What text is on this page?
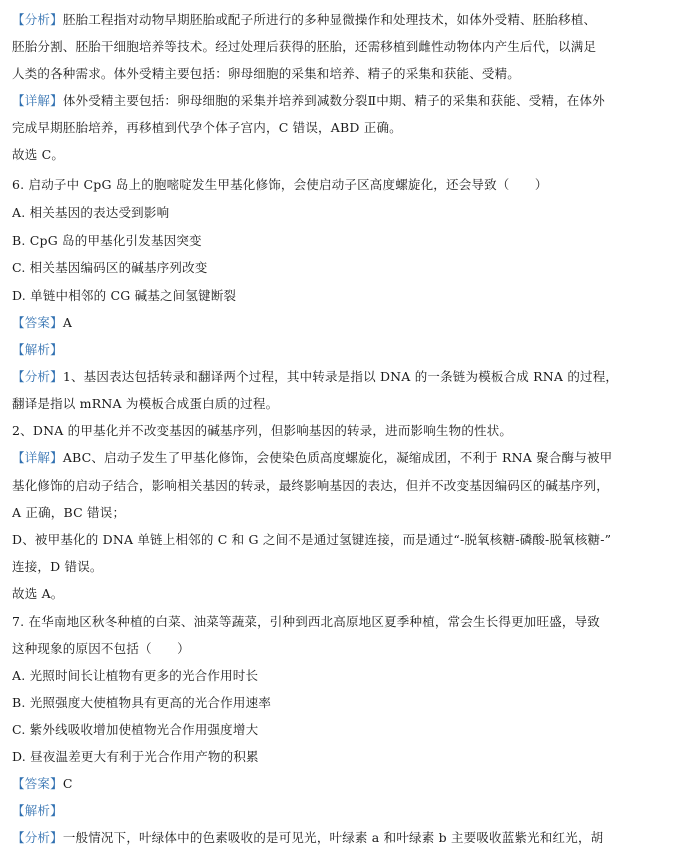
【分析】胚胎工程指对动物早期胚胎或配子所进行的多种显微操作和处理技术，如体外受精、胚胎移植、
胚胎分割、胚胎干细胞培养等技术。经过处理后获得的胚胎，还需移植到雌性动物体内产生后代，以满足
人类的各种需求。体外受精主要包括：卵母细胞的采集和培养、精子的采集和获能、受精。
【详解】体外受精主要包括：卵母细胞的采集并培养到减数分裂Ⅱ中期、精子的采集和获能、受精，在体外
完成早期胚胎培养，再移植到代孕个体子宫内，C 错误，ABD 正确。
故选 C。
6. 启动子中 CpG 岛上的胞嘧啶发生甲基化修饰，会使启动子区高度螺旋化，还会导致（　　）
A. 相关基因的表达受到影响
B. CpG 岛的甲基化引发基因突变
C. 相关基因编码区的碱基序列改变
D. 单链中相邻的 CG 碱基之间氢键断裂
【答案】A
【解析】
【分析】1、基因表达包括转录和翻译两个过程，其中转录是指以 DNA 的一条链为模板合成 RNA 的过程，
翻译是指以 mRNA 为模板合成蛋白质的过程。
2、DNA 的甲基化并不改变基因的碱基序列，但影响基因的转录，进而影响生物的性状。
【详解】ABC、启动子发生了甲基化修饰，会使染色质高度螺旋化，凝缩成团，不利于 RNA 聚合酶与被甲
基化修饰的启动子结合，影响相关基因的转录，最终影响基因的表达，但并不改变基因编码区的碱基序列，
A 正确，BC 错误；
D、被甲基化的 DNA 单链上相邻的 C 和 G 之间不是通过氢键连接，而是通过“-脱氧核糖-磷酸-脱氧核糖-”
连接，D 错误。
故选 A。
7. 在华南地区秋冬种植的白菜、油菜等蔬菜，引种到西北高原地区夏季种植，常会生长得更加旺盛，导致
这种现象的原因不包括（　　）
A. 光照时间长让植物有更多的光合作用时长
B. 光照强度大使植物具有更高的光合作用速率
C. 紫外线吸收增加使植物光合作用强度增大
D. 昼夜温差更大有利于光合作用产物的积累
【答案】C
【解析】
【分析】一般情况下，叶绿体中的色素吸收的是可见光，叶绿素 a 和叶绿素 b 主要吸收蓝紫光和红光，胡
